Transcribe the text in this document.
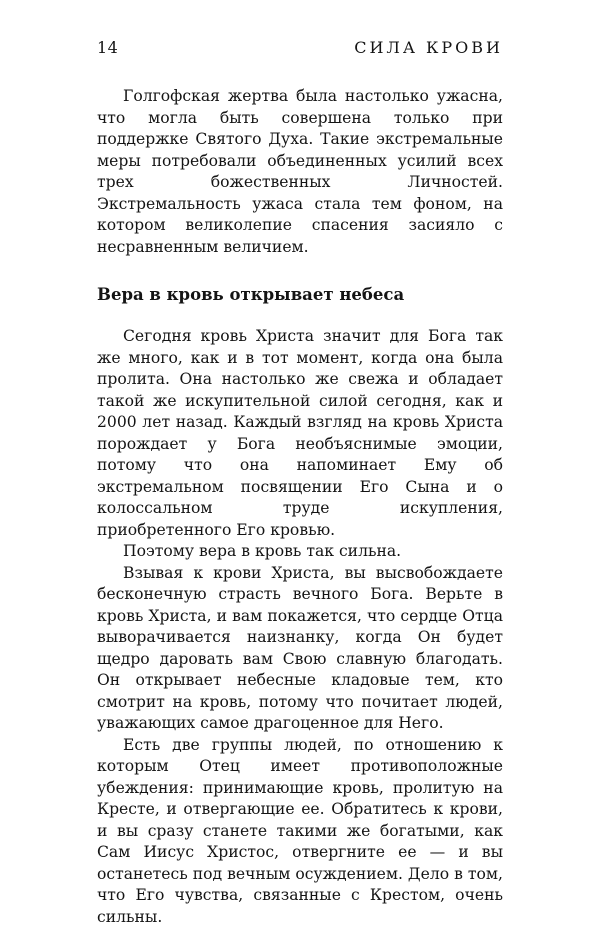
14	СИЛА КРОВИ

Голгофская жертва была настолько ужасна, что могла быть совершена только при поддержке Святого Духа. Такие экстремальные меры потребовали объединенных усилий всех трех божественных Личностей. Экстремальность ужаса стала тем фоном, на котором великолепие спасения засияло с несравненным величием.

Вера в кровь открывает небеса

Сегодня кровь Христа значит для Бога так же много, как и в тот момент, когда она была пролита. Она настолько же свежа и обладает такой же искупительной силой сегодня, как и 2000 лет назад. Каждый взгляд на кровь Христа порождает у Бога необъяснимые эмоции, потому что она напоминает Ему об экстремальном посвящении Его Сына и о колоссальном труде искупления, приобретенного Его кровью.

Поэтому вера в кровь так сильна.

Взывая к крови Христа, вы высвобождаете бесконечную страсть вечного Бога. Верьте в кровь Христа, и вам покажется, что сердце Отца выворачивается наизнанку, когда Он будет щедро даровать вам Свою славную благодать. Он открывает небесные кладовые тем, кто смотрит на кровь, потому что почитает людей, уважающих самое драгоценное для Него.

Есть две группы людей, по отношению к которым Отец имеет противоположные убеждения: принимающие кровь, пролитую на Кресте, и отвергающие ее. Обратитесь к крови, и вы сразу станете такими же богатыми, как Сам Иисус Христос, отвергните ее — и вы останетесь под вечным осуждением. Дело в том, что Его чувства, связанные с Крестом, очень сильны.
